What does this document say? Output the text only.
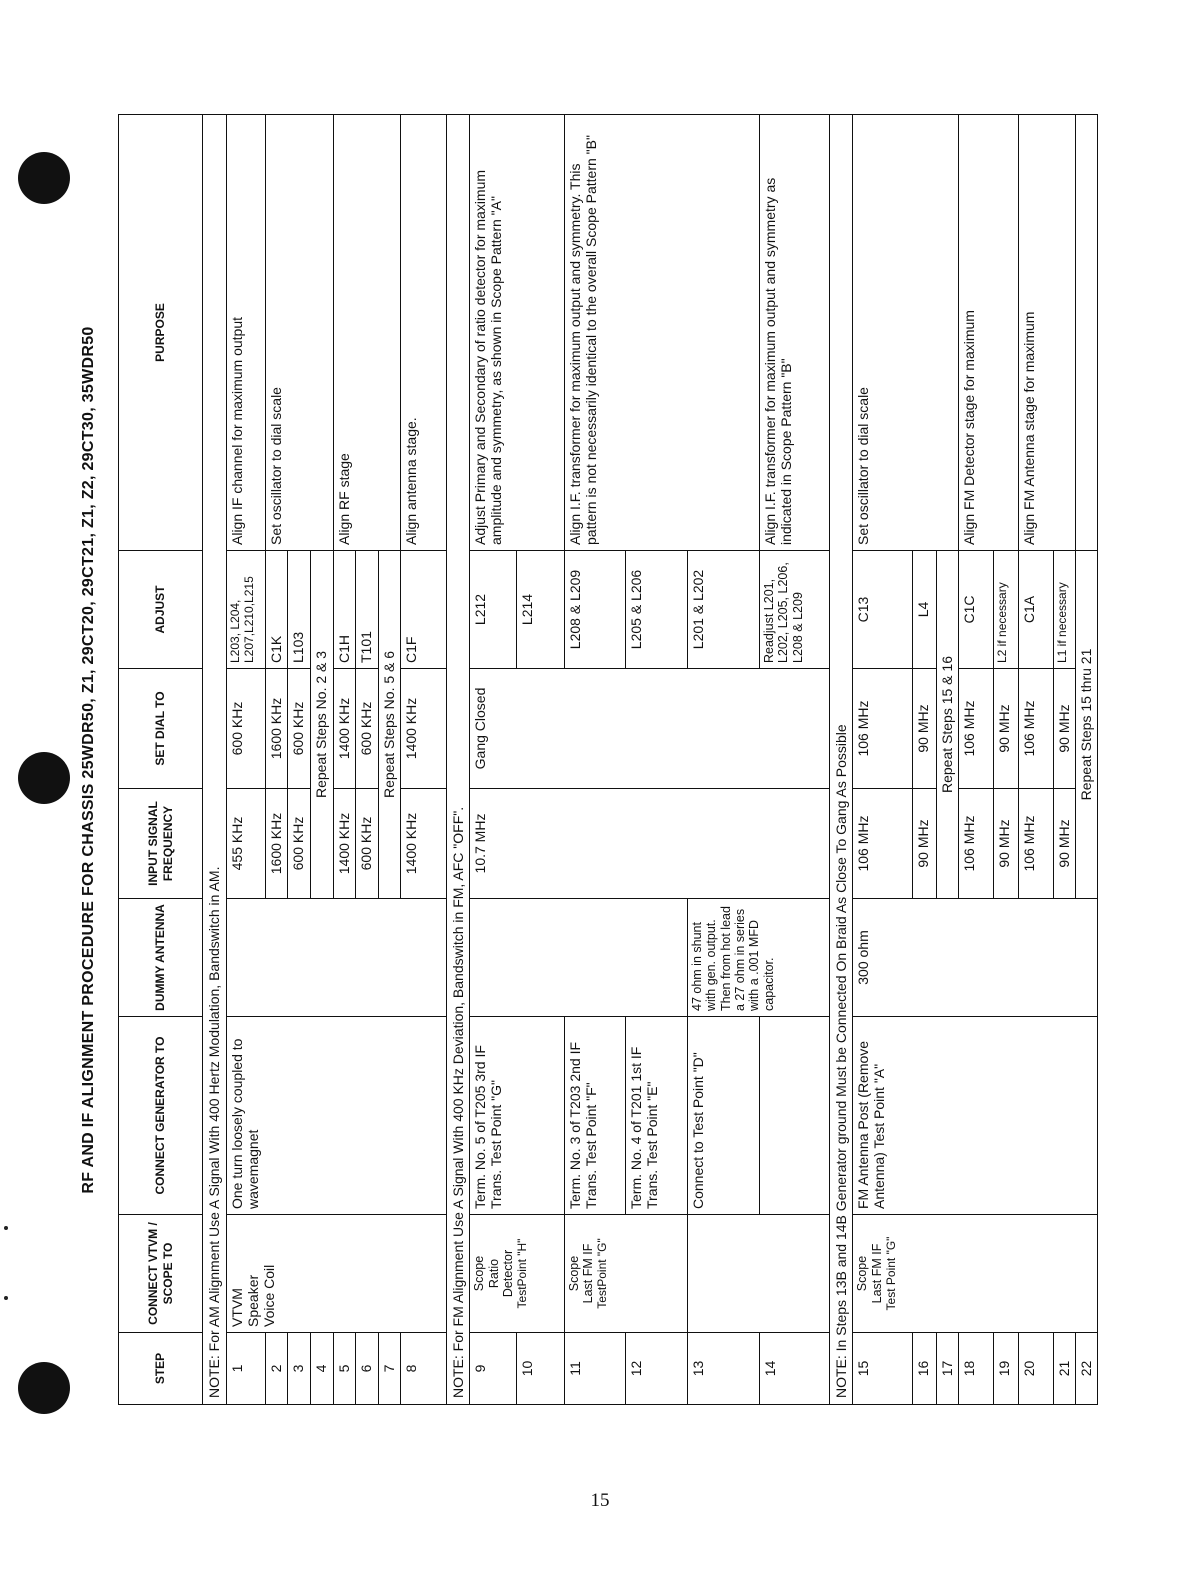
RF AND IF ALIGNMENT PROCEDURE FOR CHASSIS 25WDR50, Z1, 29CT20, 29CT21, Z1, Z2, 29CT30, 35WDR50
STEP	CONNECT VTVM / SCOPE TO	CONNECT GENERATOR TO	DUMMY ANTENNA	INPUT SIGNAL FREQUENCY	SET DIAL TO	ADJUST	PURPOSE
NOTE: For AM Alignment Use A Signal With 400 Hertz Modulation, Bandswitch in AM.							
1	VTVM
Speaker
Voice Coil	One turn loosely coupled to wavemagnet		455 KHz	600 KHz	L203, L204, L207,L210,L215	Align IF channel for maximum output
2				1600 KHz	1600 KHz	C1K	Set oscillator to dial scale
3				600 KHz	600 KHz	L103	
4				Repeat Steps No. 2 & 3			
5				1400 KHz	1400 KHz	C1H	Align RF stage
6				600 KHz	600 KHz	T101	
7				Repeat Steps No. 5 & 6			
8				1400 KHz	1400 KHz	C1F	Align antenna stage.
NOTE: For FM Alignment Use A Signal With 400 KHz Deviation, Bandswitch in FM, AFC "OFF".							
9	Scope
Ratio
Detector
TestPoint "H"	Term. No. 5 of T205 3rd IF Trans. Test Point "G"		10.7 MHz	Gang Closed	L212	Adjust Primary and Secondary of ratio detector for maximum amplitude and symmetry, as shown in Scope Pattern "A"
10						L214	
11	Scope
Last FM IF
TestPoint "G"	Term. No. 3 of T203 2nd IF Trans. Test Point "F"				L208 & L209	Align I.F. transformer for maximum output and symmetry. This pattern is not necessarily identical to the overall Scope Pattern "B"
12		Term. No. 4 of T201 1st IF Trans. Test Point "E"				L205 & L206	
13		Connect to Test Point "D"	47 ohm in shunt with gen. output. Then from hot lead a 27 ohm in series with a .001 MFD capacitor.			L201 & L202	
14						Readjust L201, L202, L205, L206, L208 & L209	Align I.F. transformer for maximum output and symmetry as indicated in Scope Pattern "B"
NOTE: In Steps 13B and 14B Generator ground Must be Connected On Braid As Close To Gang As Possible							
15	Scope
Last FM IF
Test Point "G"	FM Antenna Post (Remove Antenna) Test Point "A"	300 ohm	106 MHz	106 MHz	C13	Set oscillator to dial scale
16				90 MHz	90 MHz	L4	
17				Repeat Steps 15 & 16			
18				106 MHz	106 MHz	C1C	Align FM Detector stage for maximum
19				90 MHz	90 MHz	L2 if necessary	
20				106 MHz	106 MHz	C1A	Align FM Antenna stage for maximum
21				90 MHz	90 MHz	L1 if necessary	
22				Repeat Steps 15 thru 21			
15
